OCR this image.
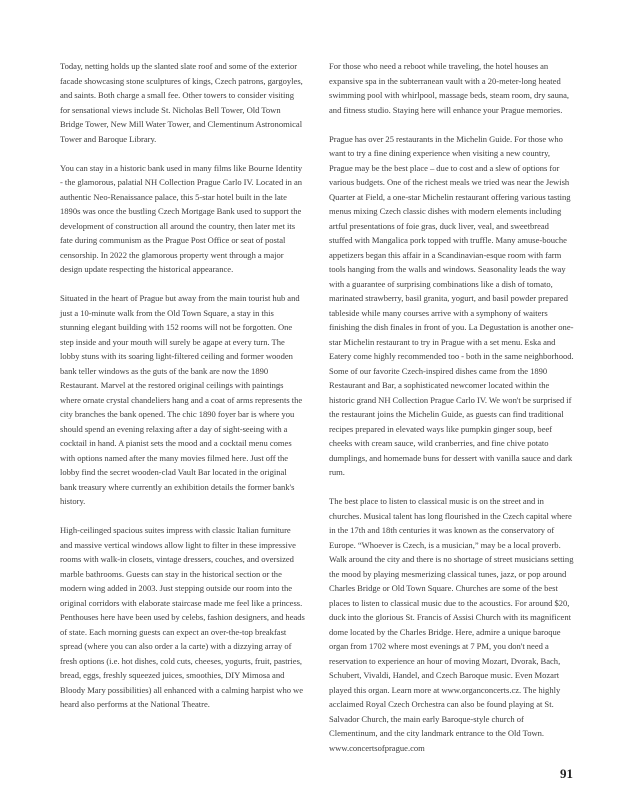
Today, netting holds up the slanted slate roof and some of the exterior facade showcasing stone sculptures of kings, Czech patrons, gargoyles, and saints. Both charge a small fee. Other towers to consider visiting for sensational views include St. Nicholas Bell Tower, Old Town Bridge Tower, New Mill Water Tower, and Clementinum Astronomical Tower and Baroque Library.

You can stay in a historic bank used in many films like Bourne Identity - the glamorous, palatial NH Collection Prague Carlo IV. Located in an authentic Neo-Renaissance palace, this 5-star hotel built in the late 1890s was once the bustling Czech Mortgage Bank used to support the development of construction all around the country, then later met its fate during communism as the Prague Post Office or seat of postal censorship. In 2022 the glamorous property went through a major design update respecting the historical appearance.

Situated in the heart of Prague but away from the main tourist hub and just a 10-minute walk from the Old Town Square, a stay in this stunning elegant building with 152 rooms will not be forgotten. One step inside and your mouth will surely be agape at every turn. The lobby stuns with its soaring light-filtered ceiling and former wooden bank teller windows as the guts of the bank are now the 1890 Restaurant. Marvel at the restored original ceilings with paintings where ornate crystal chandeliers hang and a coat of arms represents the city branches the bank opened. The chic 1890 foyer bar is where you should spend an evening relaxing after a day of sight-seeing with a cocktail in hand. A pianist sets the mood and a cocktail menu comes with options named after the many movies filmed here. Just off the lobby find the secret wooden-clad Vault Bar located in the original bank treasury where currently an exhibition details the former bank's history.

High-ceilinged spacious suites impress with classic Italian furniture and massive vertical windows allow light to filter in these impressive rooms with walk-in closets, vintage dressers, couches, and oversized marble bathrooms. Guests can stay in the historical section or the modern wing added in 2003. Just stepping outside our room into the original corridors with elaborate staircase made me feel like a princess. Penthouses here have been used by celebs, fashion designers, and heads of state. Each morning guests can expect an over-the-top breakfast spread (where you can also order a la carte) with a dizzying array of fresh options (i.e. hot dishes, cold cuts, cheeses, yogurts, fruit, pastries, bread, eggs, freshly squeezed juices, smoothies, DIY Mimosa and Bloody Mary possibilities) all enhanced with a calming harpist who we heard also performs at the National Theatre.

For those who need a reboot while traveling, the hotel houses an expansive spa in the subterranean vault with a 20-meter-long heated swimming pool with whirlpool, massage beds, steam room, dry sauna, and fitness studio. Staying here will enhance your Prague memories.

Prague has over 25 restaurants in the Michelin Guide. For those who want to try a fine dining experience when visiting a new country, Prague may be the best place – due to cost and a slew of options for various budgets. One of the richest meals we tried was near the Jewish Quarter at Field, a one-star Michelin restaurant offering various tasting menus mixing Czech classic dishes with modern elements including artful presentations of foie gras, duck liver, veal, and sweetbread stuffed with Mangalica pork topped with truffle. Many amuse-bouche appetizers began this affair in a Scandinavian-esque room with farm tools hanging from the walls and windows. Seasonality leads the way with a guarantee of surprising combinations like a dish of tomato, marinated strawberry, basil granita, yogurt, and basil powder prepared tableside while many courses arrive with a symphony of waiters finishing the dish finales in front of you. La Degustation is another one-star Michelin restaurant to try in Prague with a set menu. Eska and Eatery come highly recommended too - both in the same neighborhood. Some of our favorite Czech-inspired dishes came from the 1890 Restaurant and Bar, a sophisticated newcomer located within the historic grand NH Collection Prague Carlo IV. We won't be surprised if the restaurant joins the Michelin Guide, as guests can find traditional recipes prepared in elevated ways like pumpkin ginger soup, beef cheeks with cream sauce, wild cranberries, and fine chive potato dumplings, and homemade buns for dessert with vanilla sauce and dark rum.

The best place to listen to classical music is on the street and in churches. Musical talent has long flourished in the Czech capital where in the 17th and 18th centuries it was known as the conservatory of Europe. “Whoever is Czech, is a musician,” may be a local proverb. Walk around the city and there is no shortage of street musicians setting the mood by playing mesmerizing classical tunes, jazz, or pop around Charles Bridge or Old Town Square. Churches are some of the best places to listen to classical music due to the acoustics. For around $20, duck into the glorious St. Francis of Assisi Church with its magnificent dome located by the Charles Bridge. Here, admire a unique baroque organ from 1702 where most evenings at 7 PM, you don't need a reservation to experience an hour of moving Mozart, Dvorak, Bach, Schubert, Vivaldi, Handel, and Czech Baroque music. Even Mozart played this organ. Learn more at www.organconcerts.cz. The highly acclaimed Royal Czech Orchestra can also be found playing at St. Salvador Church, the main early Baroque-style church of Clementinum, and the city landmark entrance to the Old Town. www.concertsofprague.com

91
